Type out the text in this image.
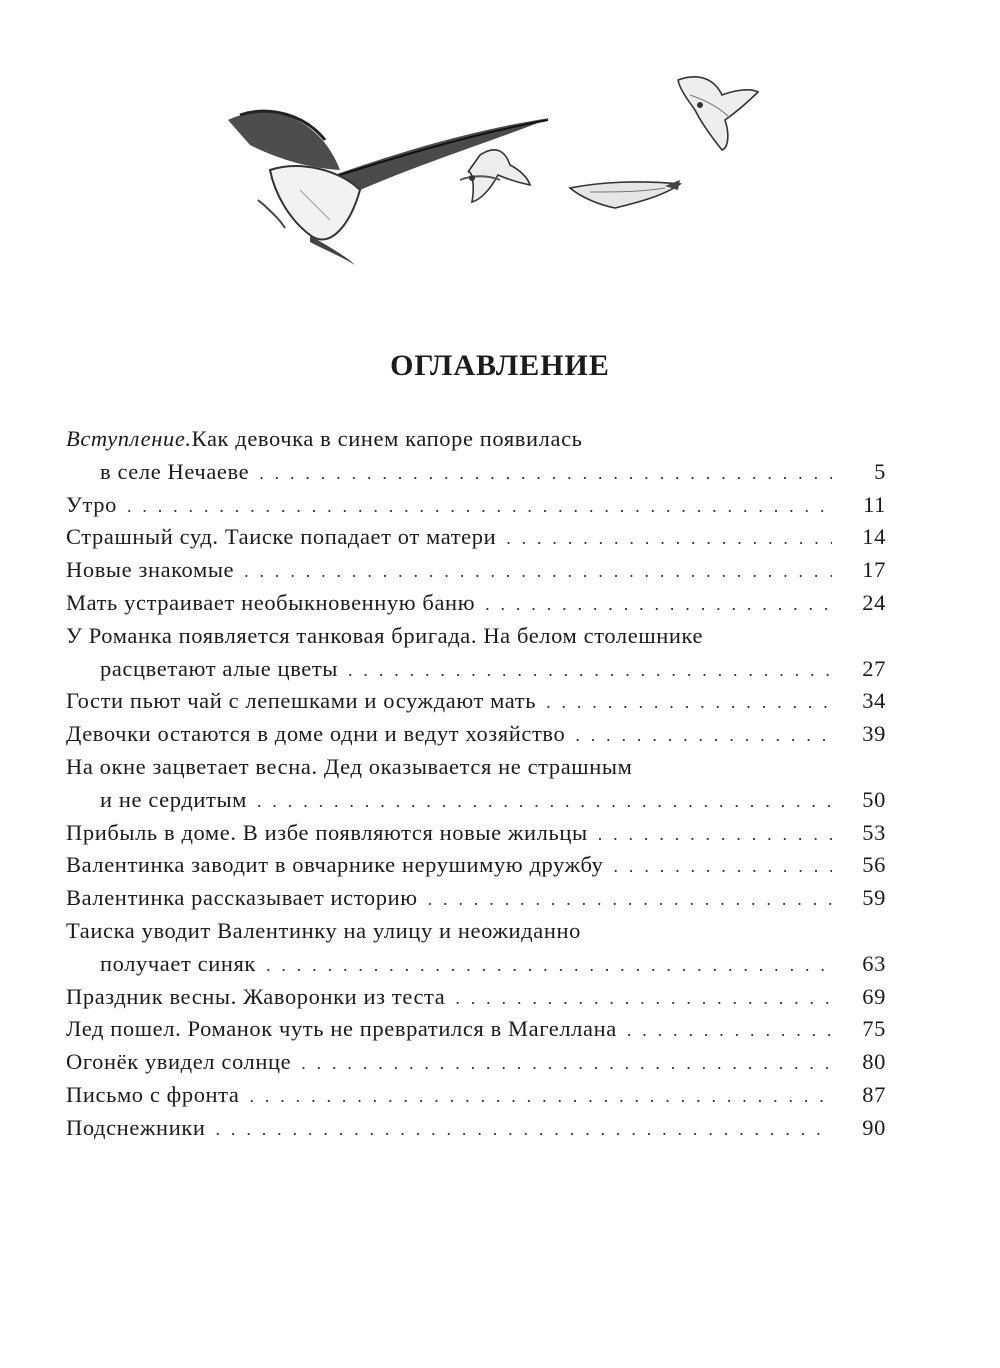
ОГЛАВЛЕНИЕ
Вступление. Как девочка в синем капоре появилась
в селе Нечаеве . . .	5
Утро . . .	11
Страшный суд. Таиске попадает от матери . . .	14
Новые знакомые . . .	17
Мать устраивает необыкновенную баню . . .	24
У Романка появляется танковая бригада. На белом столешнике
расцветают алые цветы . . .	27
Гости пьют чай с лепешками и осуждают мать . . .	34
Девочки остаются в доме одни и ведут хозяйство . . .	39
На окне зацветает весна. Дед оказывается не страшным
и не сердитым . . .	50
Прибыль в доме. В избе появляются новые жильцы . . .	53
Валентинка заводит в овчарнике нерушимую дружбу . . .	56
Валентинка рассказывает историю . . .	59
Таиска уводит Валентинку на улицу и неожиданно
получает синяк . . .	63
Праздник весны. Жаворонки из теста . . .	69
Лед пошел. Романок чуть не превратился в Магеллана . . .	75
Огонёк увидел солнце . . .	80
Письмо с фронта . . .	87
Подснежники . . .	90
